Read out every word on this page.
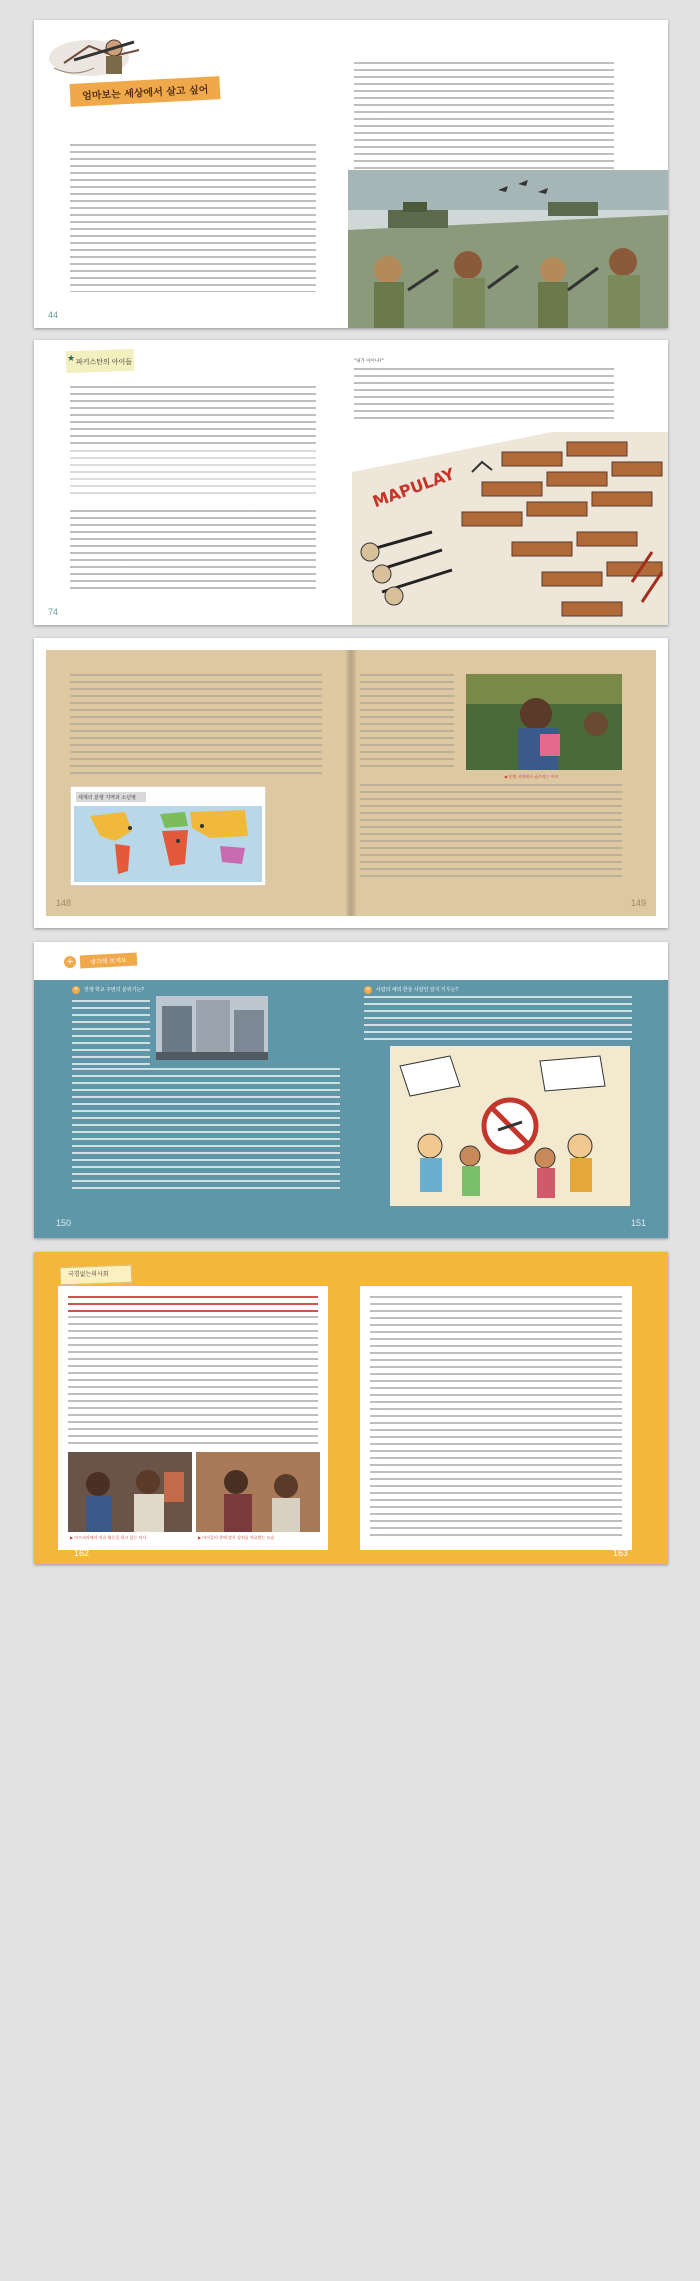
엄마보는 세상에서 살고 싶어
44
파키스탄의 아이들
★
74
"내가 아이냐?"
MAPULAY
세계의 분쟁 지역과 소년병
148
◀ 분쟁 지역에서 굶주리는 아이
149
+	생각해 보세요
+ 전쟁 학교 주변의 분위기는?
150
+ 사람의 예외 한둘 사람인 알지 키우는?
151
국경없는의사회
▶ 아프리카에서 의료 활동을 하고 있는 의사	▶ 아이들이 총에 맞은 상처를 치료받는 모습
162	163
